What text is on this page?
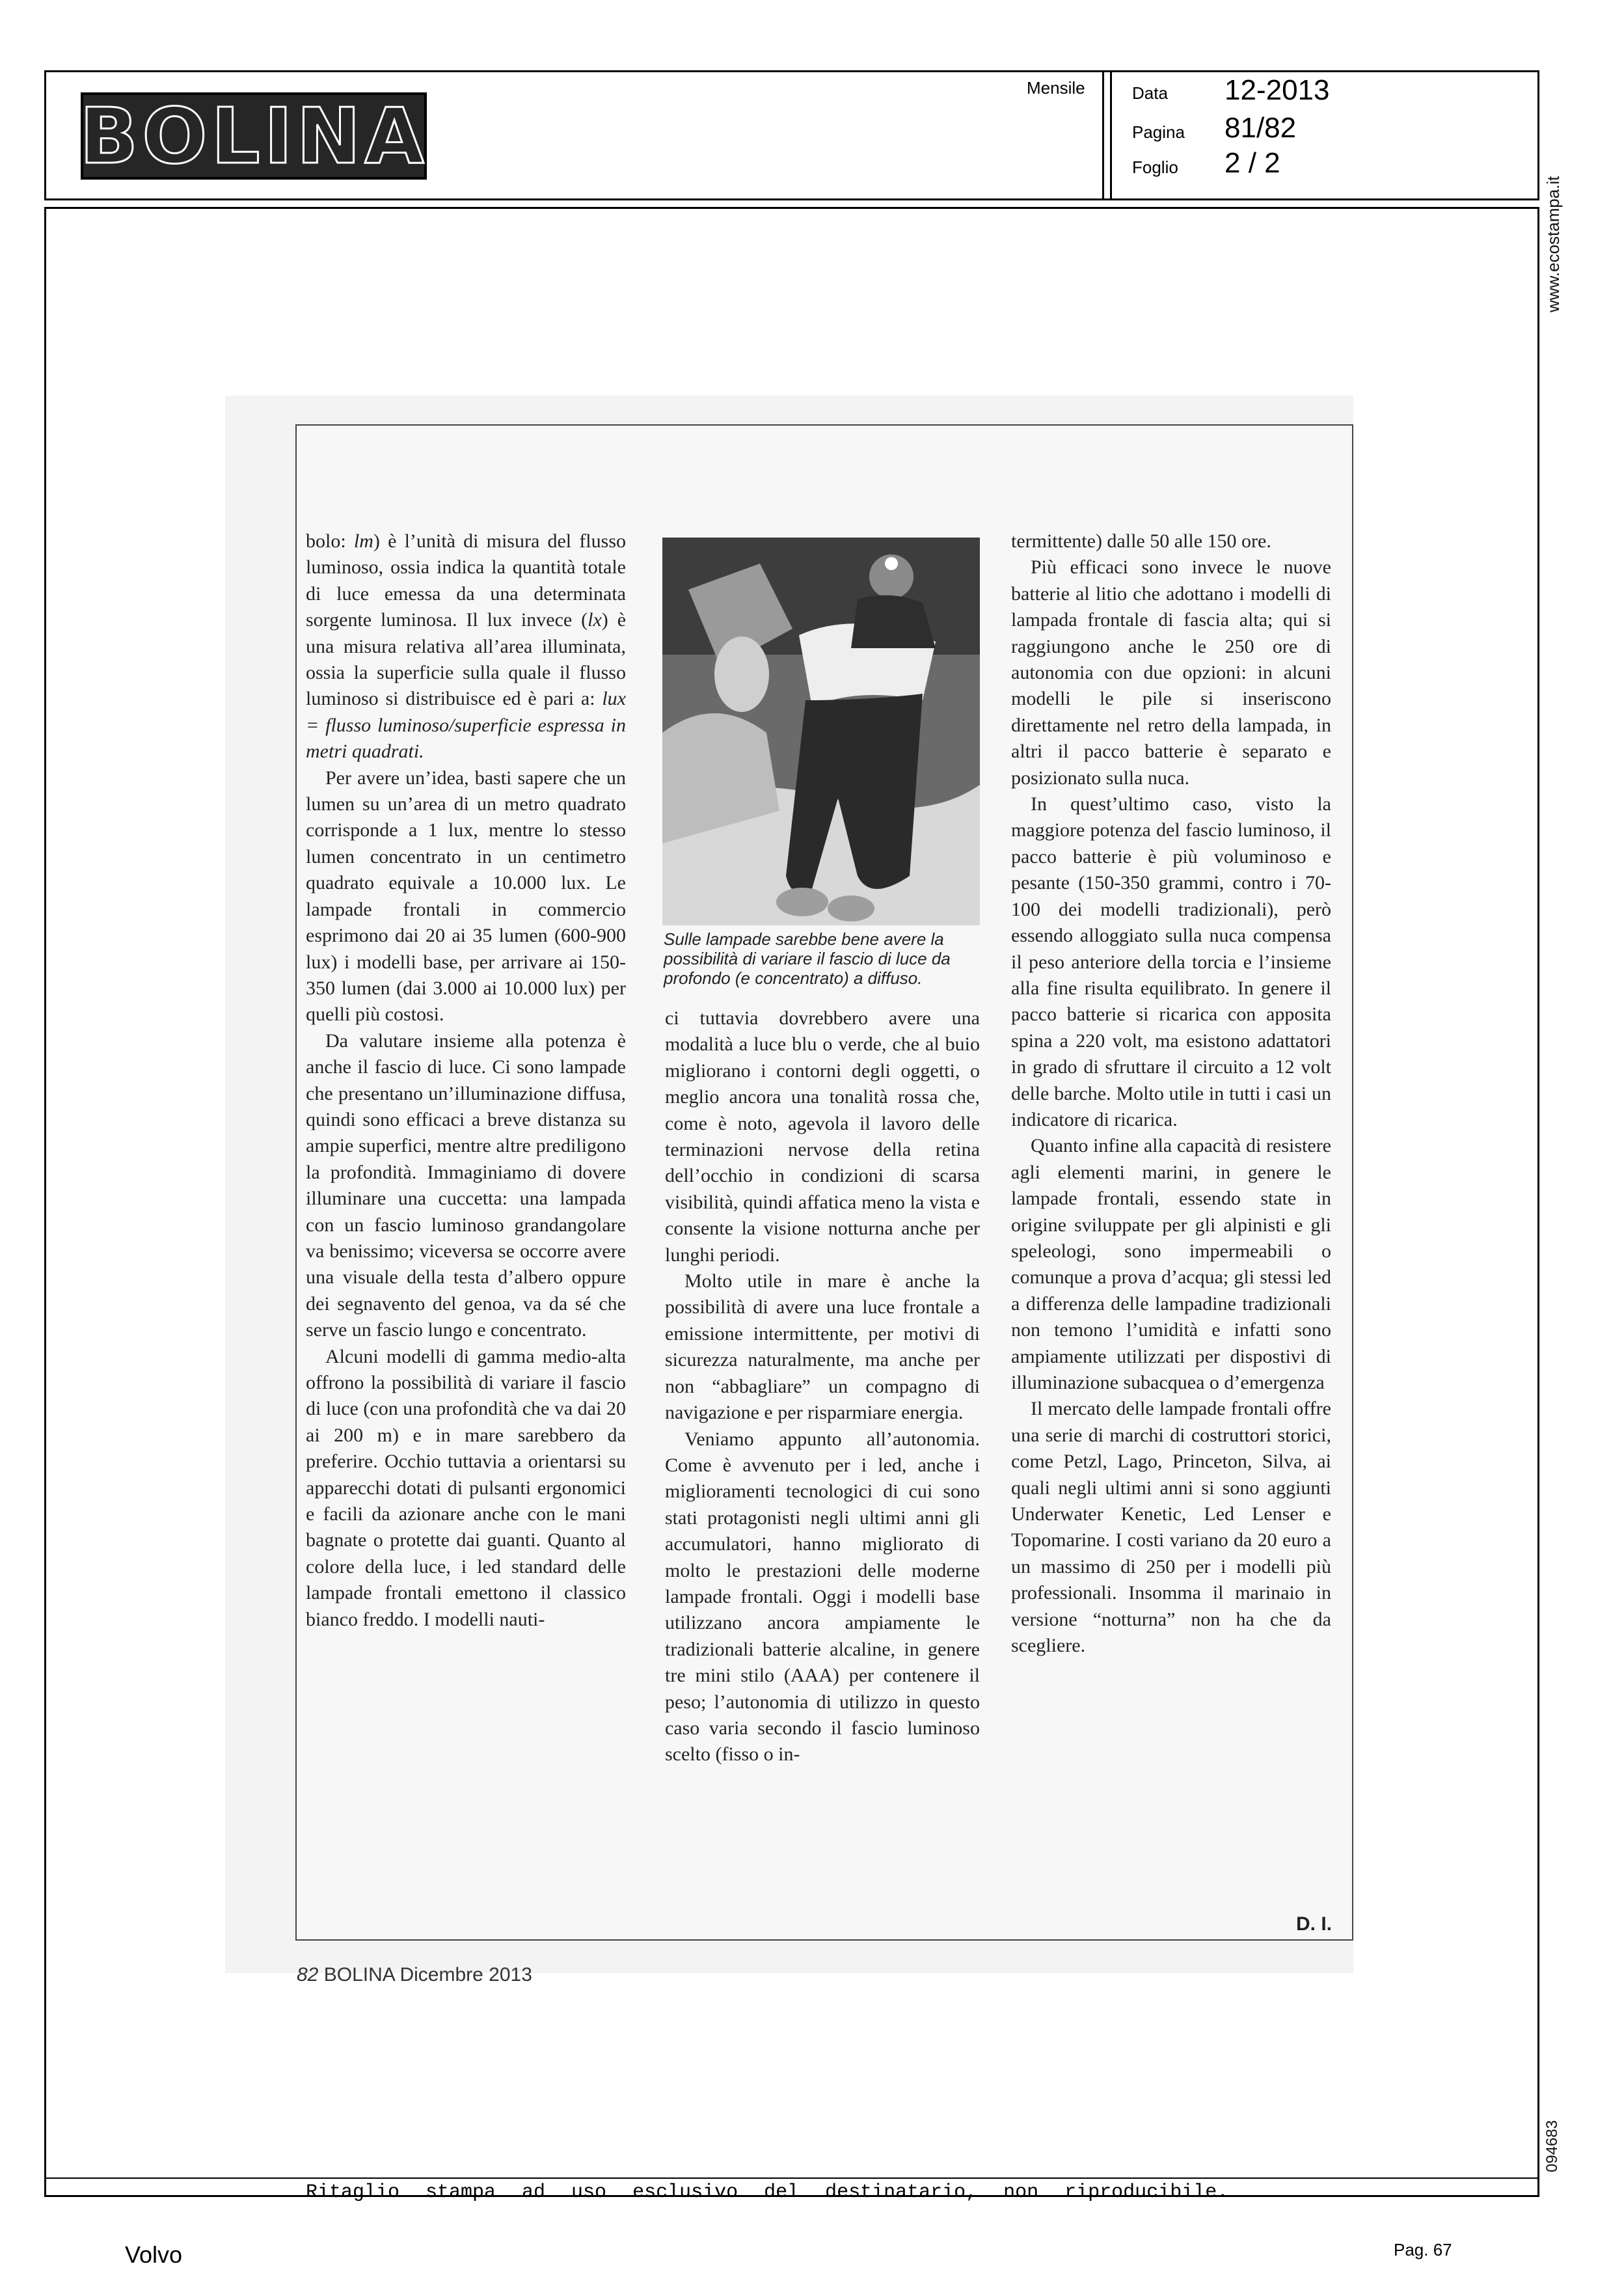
BOLINA
Mensile	Data 12-2013
Pagina 81/82
Foglio 2 / 2
www.ecostampa.it
094683

bolo: lm) è l’unità di misura del flusso luminoso, ossia indica la quantità totale di luce emessa da una determinata sorgente luminosa. Il lux invece (lx) è una misura relativa all’area illuminata, ossia la superficie sulla quale il flusso luminoso si distribuisce ed è pari a: lux = flusso luminoso/superficie espressa in metri quadrati.

Per avere un’idea, basti sapere che un lumen su un’area di un metro quadrato corrisponde a 1 lux, mentre lo stesso lumen concentrato in un centimetro quadrato equivale a 10.000 lux. Le lampade frontali in commercio esprimono dai 20 ai 35 lumen (600-900 lux) i modelli base, per arrivare ai 150-350 lumen (dai 3.000 ai 10.000 lux) per quelli più costosi.

Da valutare insieme alla potenza è anche il fascio di luce. Ci sono lampade che presentano un’illuminazione diffusa, quindi sono efficaci a breve distanza su ampie superfici, mentre altre prediligono la profondità. Immaginiamo di dovere illuminare una cuccetta: una lampada con un fascio luminoso grandangolare va benissimo; viceversa se occorre avere una visuale della testa d’albero oppure dei segnavento del genoa, va da sé che serve un fascio lungo e concentrato.

Alcuni modelli di gamma medio-alta offrono la possibilità di variare il fascio di luce (con una profondità che va dai 20 ai 200 m) e in mare sarebbero da preferire. Occhio tuttavia a orientarsi su apparecchi dotati di pulsanti ergonomici e facili da azionare anche con le mani bagnate o protette dai guanti. Quanto al colore della luce, i led standard delle lampade frontali emettono il classico bianco freddo. I modelli nauti-

Sulle lampade sarebbe bene avere la possibilità di variare il fascio di luce da profondo (e concentrato) a diffuso.

ci tuttavia dovrebbero avere una modalità a luce blu o verde, che al buio migliorano i contorni degli oggetti, o meglio ancora una tonalità rossa che, come è noto, agevola il lavoro delle terminazioni nervose della retina dell’occhio in condizioni di scarsa visibilità, quindi affatica meno la vista e consente la visione notturna anche per lunghi periodi.

Molto utile in mare è anche la possibilità di avere una luce frontale a emissione intermittente, per motivi di sicurezza naturalmente, ma anche per non “abbagliare” un compagno di navigazione e per risparmiare energia.

Veniamo appunto all’autonomia. Come è avvenuto per i led, anche i miglioramenti tecnologici di cui sono stati protagonisti negli ultimi anni gli accumulatori, hanno migliorato di molto le prestazioni delle moderne lampade frontali. Oggi i modelli base utilizzano ancora ampiamente le tradizionali batterie alcaline, in genere tre mini stilo (AAA) per contenere il peso; l’autonomia di utilizzo in questo caso varia secondo il fascio luminoso scelto (fisso o in-

termittente) dalle 50 alle 150 ore.

Più efficaci sono invece le nuove batterie al litio che adottano i modelli di lampada frontale di fascia alta; qui si raggiungono anche le 250 ore di autonomia con due opzioni: in alcuni modelli le pile si inseriscono direttamente nel retro della lampada, in altri il pacco batterie è separato e posizionato sulla nuca.

In quest’ultimo caso, visto la maggiore potenza del fascio luminoso, il pacco batterie è più voluminoso e pesante (150-350 grammi, contro i 70-100 dei modelli tradizionali), però essendo alloggiato sulla nuca compensa il peso anteriore della torcia e l’insieme alla fine risulta equilibrato. In genere il pacco batterie si ricarica con apposita spina a 220 volt, ma esistono adattatori in grado di sfruttare il circuito a 12 volt delle barche. Molto utile in tutti i casi un indicatore di ricarica.

Quanto infine alla capacità di resistere agli elementi marini, in genere le lampade frontali, essendo state in origine sviluppate per gli alpinisti e gli speleologi, sono impermeabili o comunque a prova d’acqua; gli stessi led a differenza delle lampadine tradizionali non temono l’umidità e infatti sono ampiamente utilizzati per dispostivi di illuminazione subacquea o d’emergenza

Il mercato delle lampade frontali offre una serie di marchi di costruttori storici, come Petzl, Lago, Princeton, Silva, ai quali negli ultimi anni si sono aggiunti Underwater Kenetic, Led Lenser e Topomarine. I costi variano da 20 euro a un massimo di 250 per i modelli più professionali. Insomma il marinaio in versione “notturna” non ha che da scegliere.

D. I.
82 BOLINA Dicembre 2013
Ritaglio stampa ad uso esclusivo del destinatario, non riproducibile.
Volvo	Pag. 67
